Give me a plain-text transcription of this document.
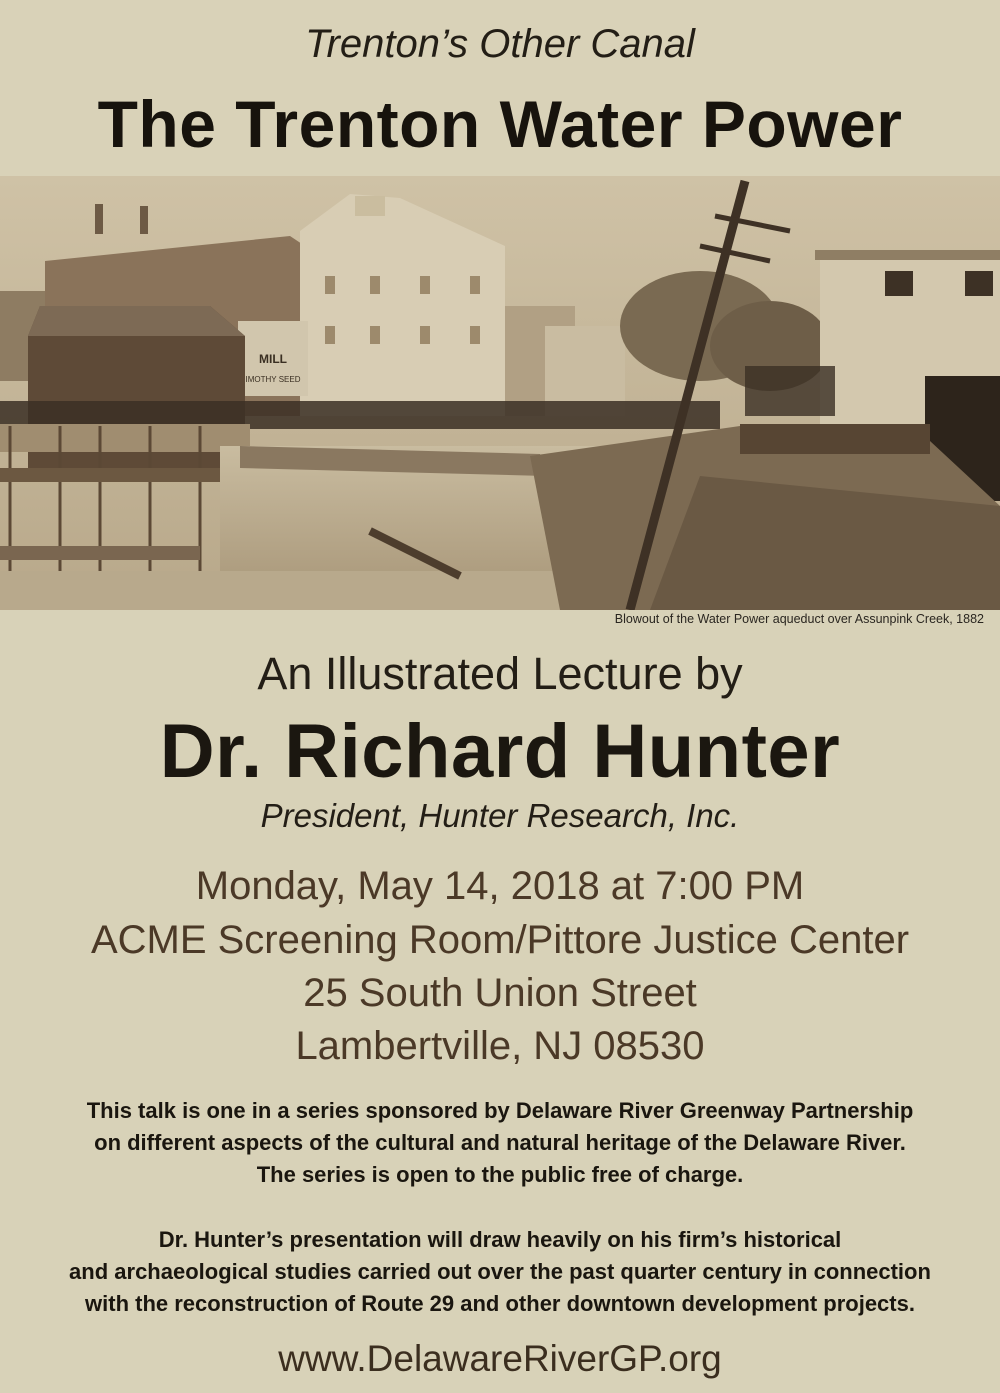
Trenton’s Other Canal
The Trenton Water Power
MILL
IMOTHY SEED
Blowout of the Water Power aqueduct over Assunpink Creek, 1882
An Illustrated Lecture by
Dr. Richard Hunter
President, Hunter Research, Inc.
Monday, May 14, 2018 at 7:00 PM
ACME Screening Room/Pittore Justice Center
25 South Union Street
Lambertville, NJ 08530
This talk is one in a series sponsored by Delaware River Greenway Partnership
on different aspects of the cultural and natural heritage of the Delaware River.
The series is open to the public free of charge.
Dr. Hunter’s presentation will draw heavily on his firm’s historical
and archaeological studies carried out over the past quarter century in connection
with the reconstruction of Route 29 and other downtown development projects.
www.DelawareRiverGP.org
